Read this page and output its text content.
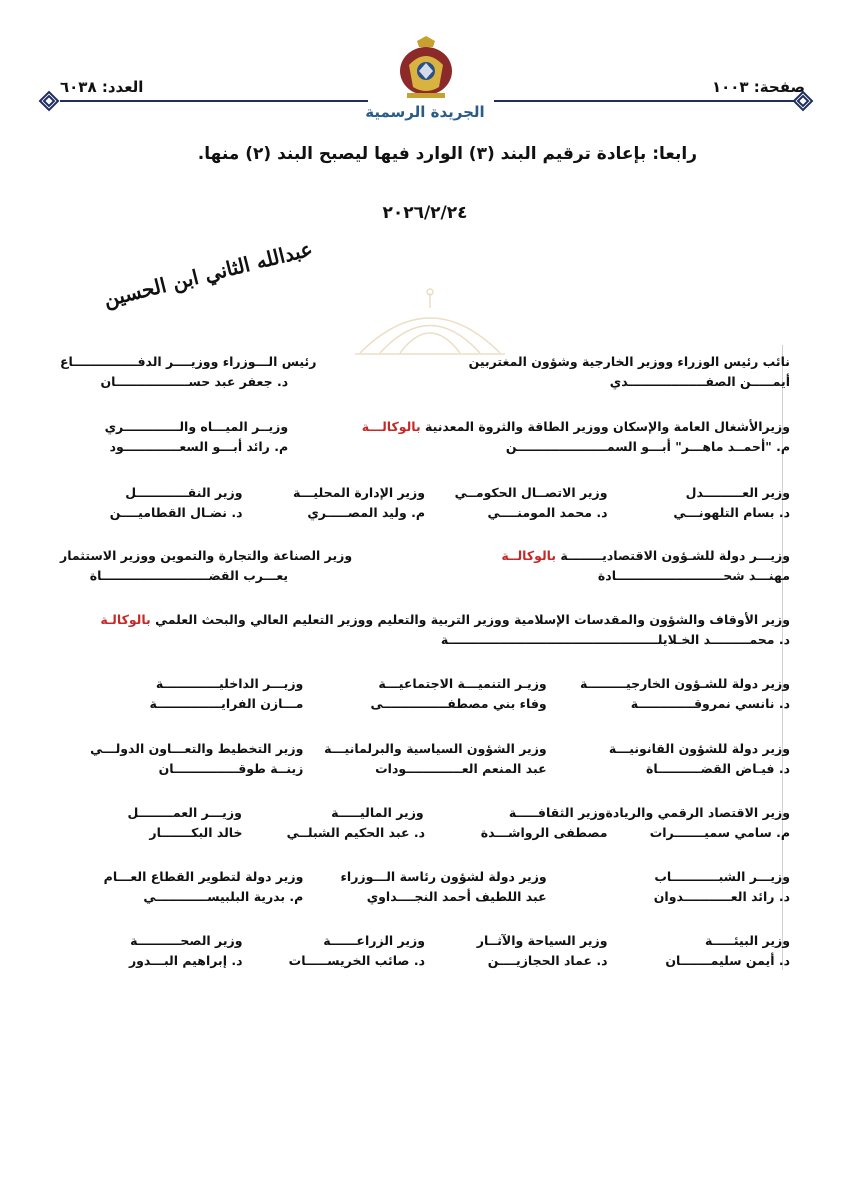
صفحة: ١٠٠٣
العدد: ٦٠٣٨
الجريدة الرسمية
رابعا: بإعادة ترقيم البند (٣) الوارد فيها ليصبح البند (٢) منها.
٢٠٢٦/٢/٢٤
عبدالله الثاني ابن الحسين
نائب رئيس الوزراء ووزير الخارجية وشؤون المغتربين
رئيس الـــوزراء ووزيــــر الدفـــــــــــــــاع
أيمـــــن الصفــــــــــــــــــدي
د. جعفر عبد حســـــــــــــــــان
وزيرالأشغال العامة والإسكان ووزير الطاقة والثروة المعدنية بالوكالـــة
وزيــر الميـــاه والـــــــــــــري
م. "أحمــد ماهـــر" أبـــو السمـــــــــــــــــــــن
م. رائد أبـــو السعـــــــــــــود
وزير العـــــــــدل
وزير الاتصــال الحكومــي
وزير الإدارة المحليـــة
وزير النقــــــــــــل
د. بسام التلهونـــي
د. محمد المومنــــي
م. وليد المصـــــري
د. نضـال القطاميــــن
وزيـــر دولة للشـؤون الاقتصاديــــــــة بالوكالــة
وزير الصناعة والتجارة والتموين ووزير الاستثمار
مهنـــد شحـــــــــــــــــــــــــادة
يعـــرب القضـــــــــــــــــــــــــاة
وزير الأوقاف والشؤون والمقدسات الإسلامية ووزير التربية والتعليم ووزير التعليم العالي والبحث العلمي بالوكالـة
د. محمـــــــــد الخـلايلـــــــــــــــــــــــــــــــــــــــــــــــــة
وزير دولة للشـؤون الخارجيـــــــــة
وزيـر التنميـــة الاجتماعيـــة
وزيـــر الداخليـــــــــــــة
د. نانسي نمروقـــــــــــــة
وفاء بني مصطفـــــــــــــــى
مـــازن الفرايـــــــــــــــة
وزير دولة للشؤون القانونيـــة
وزير الشؤون السياسية والبرلمانيـــة
وزير التخطيط والتعـــاون الدولـــي
د. فيـاض القضــــــــــاة
عبد المنعم العـــــــــــــودات
زينــة طوقـــــــــــــــان
وزير الاقتصاد الرقمي والريادة
وزير الثقافـــــة
وزير الماليـــــة
وزيـــر العمــــــــل
م. سامي سميـــــــرات
مصطفى الرواشـــدة
د. عبد الحكيم الشبلــي
خالد البكـــــــار
وزيـــر الشبـــــــــــاب
وزير دولة لشؤون رئاسة الـــوزراء
وزير دولة لتطوير القطاع العـــام
د. رائد العـــــــــــدوان
عبد اللطيف أحمد النجــــداوي
م. بدرية البلبيســــــــــــي
وزير البيئـــــة
وزير السياحة والآثــار
وزير الزراعــــــة
وزير الصحــــــــــة
د. أيمن سليمـــــــان
د. عماد الحجازيــــن
د. صائب الخريســـــات
د. إبراهيم البـــدور
